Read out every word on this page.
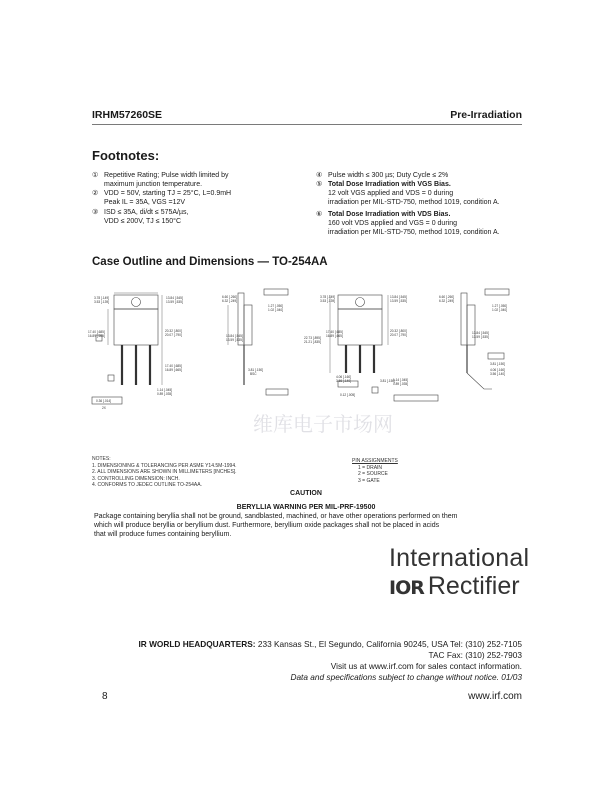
IRHM57260SE	Pre-Irradiation
Footnotes:
① Repetitive Rating; Pulse width limited by
maximum junction temperature.
② VDD = 50V, starting TJ = 25°C, L=0.9mH
Peak IL = 35A, VGS =12V
③ ISD ≤ 35A, di/dt ≤ 575A/µs,
VDD ≤ 200V, TJ ≤ 150°C
④ Pulse width ≤ 300 µs; Duty Cycle ≤ 2%
⑤ Total Dose Irradiation with VGS Bias.
12 volt VGS applied and VDS = 0 during
irradiation per MIL-STD-750, method 1019, condition A.
⑥ Total Dose Irradiation with VDS Bias.
160 volt VDS applied and VGS = 0 during
irradiation per MIL-STD-750, method 1019, condition A.
Case Outline and Dimensions — TO-254AA
3.78 [.149]
3.53 [.139]
13.84 [.545]
13.59 [.535]
20.32 [.800]
20.07 [.790]
17.40 [.685]
16.89 [.665]
17.40 [.685]
16.89 [.665]
1.14 [.045]
0.89 [.035]
0.36 [.014]
2X
6.60 [.260]
6.32 [.249]
1.27 [.050]
1.02 [.040]
13.84 [.545]
13.59 [.535]
3.81 [.150]
BSC
3.78 [.149]
3.53 [.139]
13.84 [.545]
13.59 [.535]
20.32 [.800]
20.07 [.790]
22.73 [.895]
21.21 [.835]
17.40 [.685]
16.89 [.665]
4.06 [.160]
3.56 [.140]	1.14 [.045]
0.89 [.035]
3.81 [.150]
0.12 [.005]
13.84 [.545]
13.59 [.535]
6.60 [.260]
6.32 [.249]
1.27 [.050]
1.02 [.040]
3.81 [.150]
4.06 [.160]
3.56 [.140]
维库电子市场网
NOTES:
1. DIMENSIONING & TOLERANCING PER ASME Y14.5M-1994.
2. ALL DIMENSIONS ARE SHOWN IN MILLIMETERS [INCHES].
3. CONTROLLING DIMENSION: INCH.
4. CONFORMS TO JEDEC OUTLINE TO-254AA.
PIN ASSIGNMENTS
1 = DRAIN
2 = SOURCE
3 = GATE
CAUTION
BERYLLIA WARNING PER MIL-PRF-19500
Package containing beryllia shall not be ground, sandblasted, machined, or have other operations performed on them
which will produce beryllia or beryllium dust. Furthermore, beryllium oxide packages shall not be placed in acids
that will produce fumes containing beryllium.
International
IOR Rectifier
IR WORLD HEADQUARTERS: 233 Kansas St., El Segundo, California 90245, USA Tel: (310) 252-7105
TAC Fax: (310) 252-7903
Visit us at www.irf.com for sales contact information.
Data and specifications subject to change without notice. 01/03
8	www.irf.com
